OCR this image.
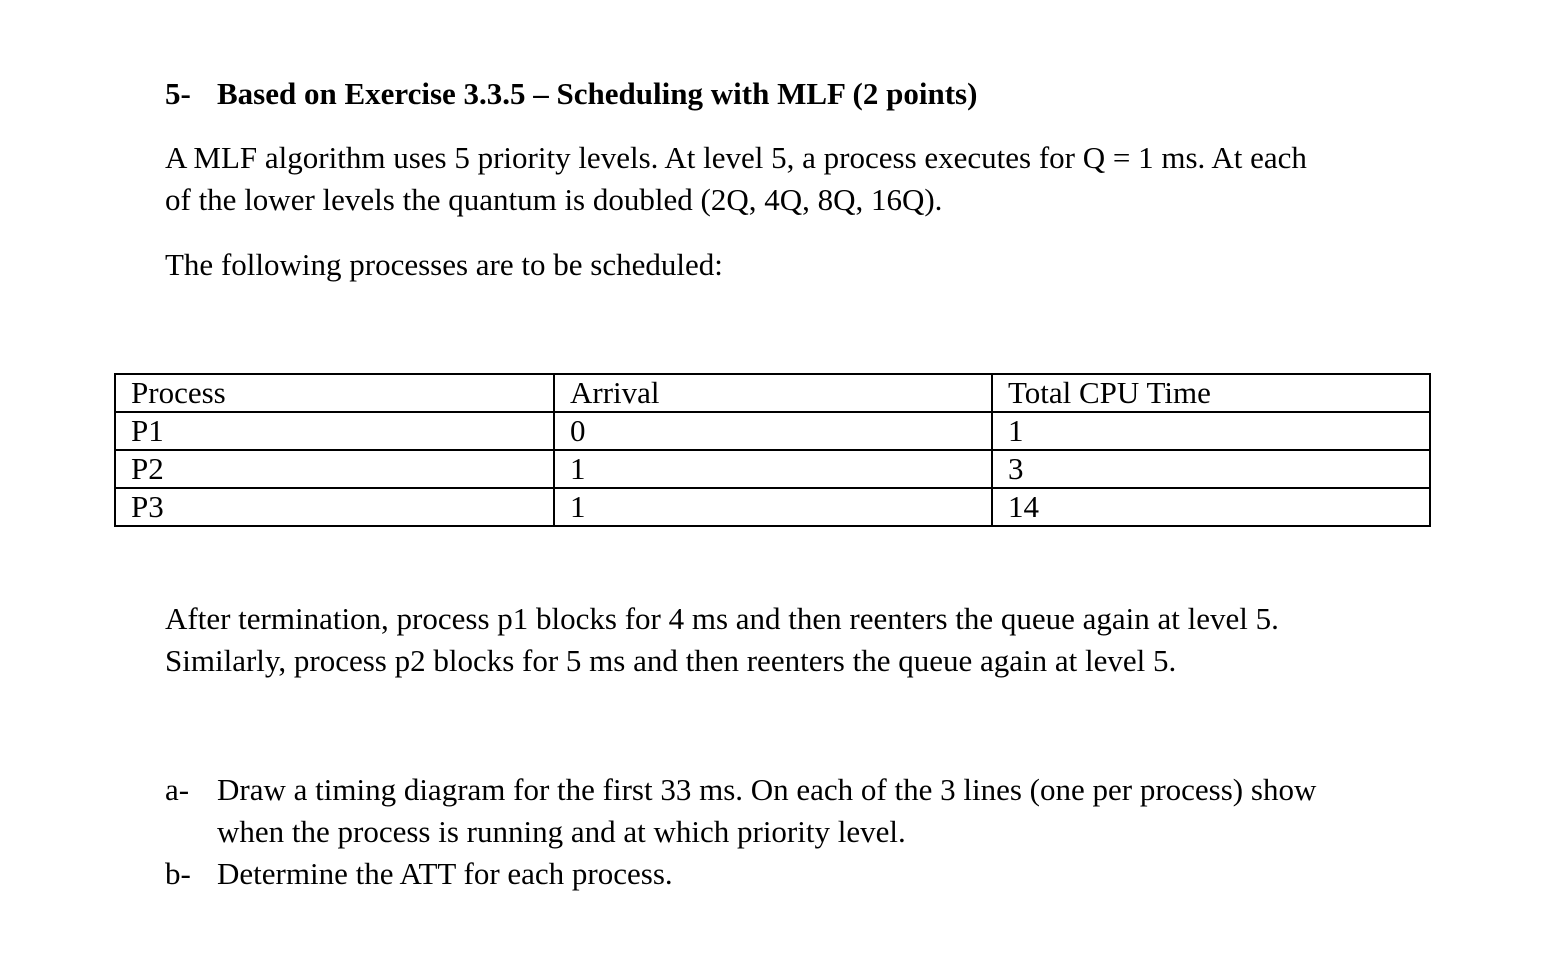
5- Based on Exercise 3.3.5 – Scheduling with MLF (2 points)
A MLF algorithm uses 5 priority levels. At level 5, a process executes for Q = 1 ms. At each
of the lower levels the quantum is doubled (2Q, 4Q, 8Q, 16Q).
The following processes are to be scheduled:
Process	Arrival	Total CPU Time
P1	0	1
P2	1	3
P3	1	14
After termination, process p1 blocks for 4 ms and then reenters the queue again at level 5.
Similarly, process p2 blocks for 5 ms and then reenters the queue again at level 5.
a- Draw a timing diagram for the first 33 ms. On each of the 3 lines (one per process) show
when the process is running and at which priority level.
b- Determine the ATT for each process.
